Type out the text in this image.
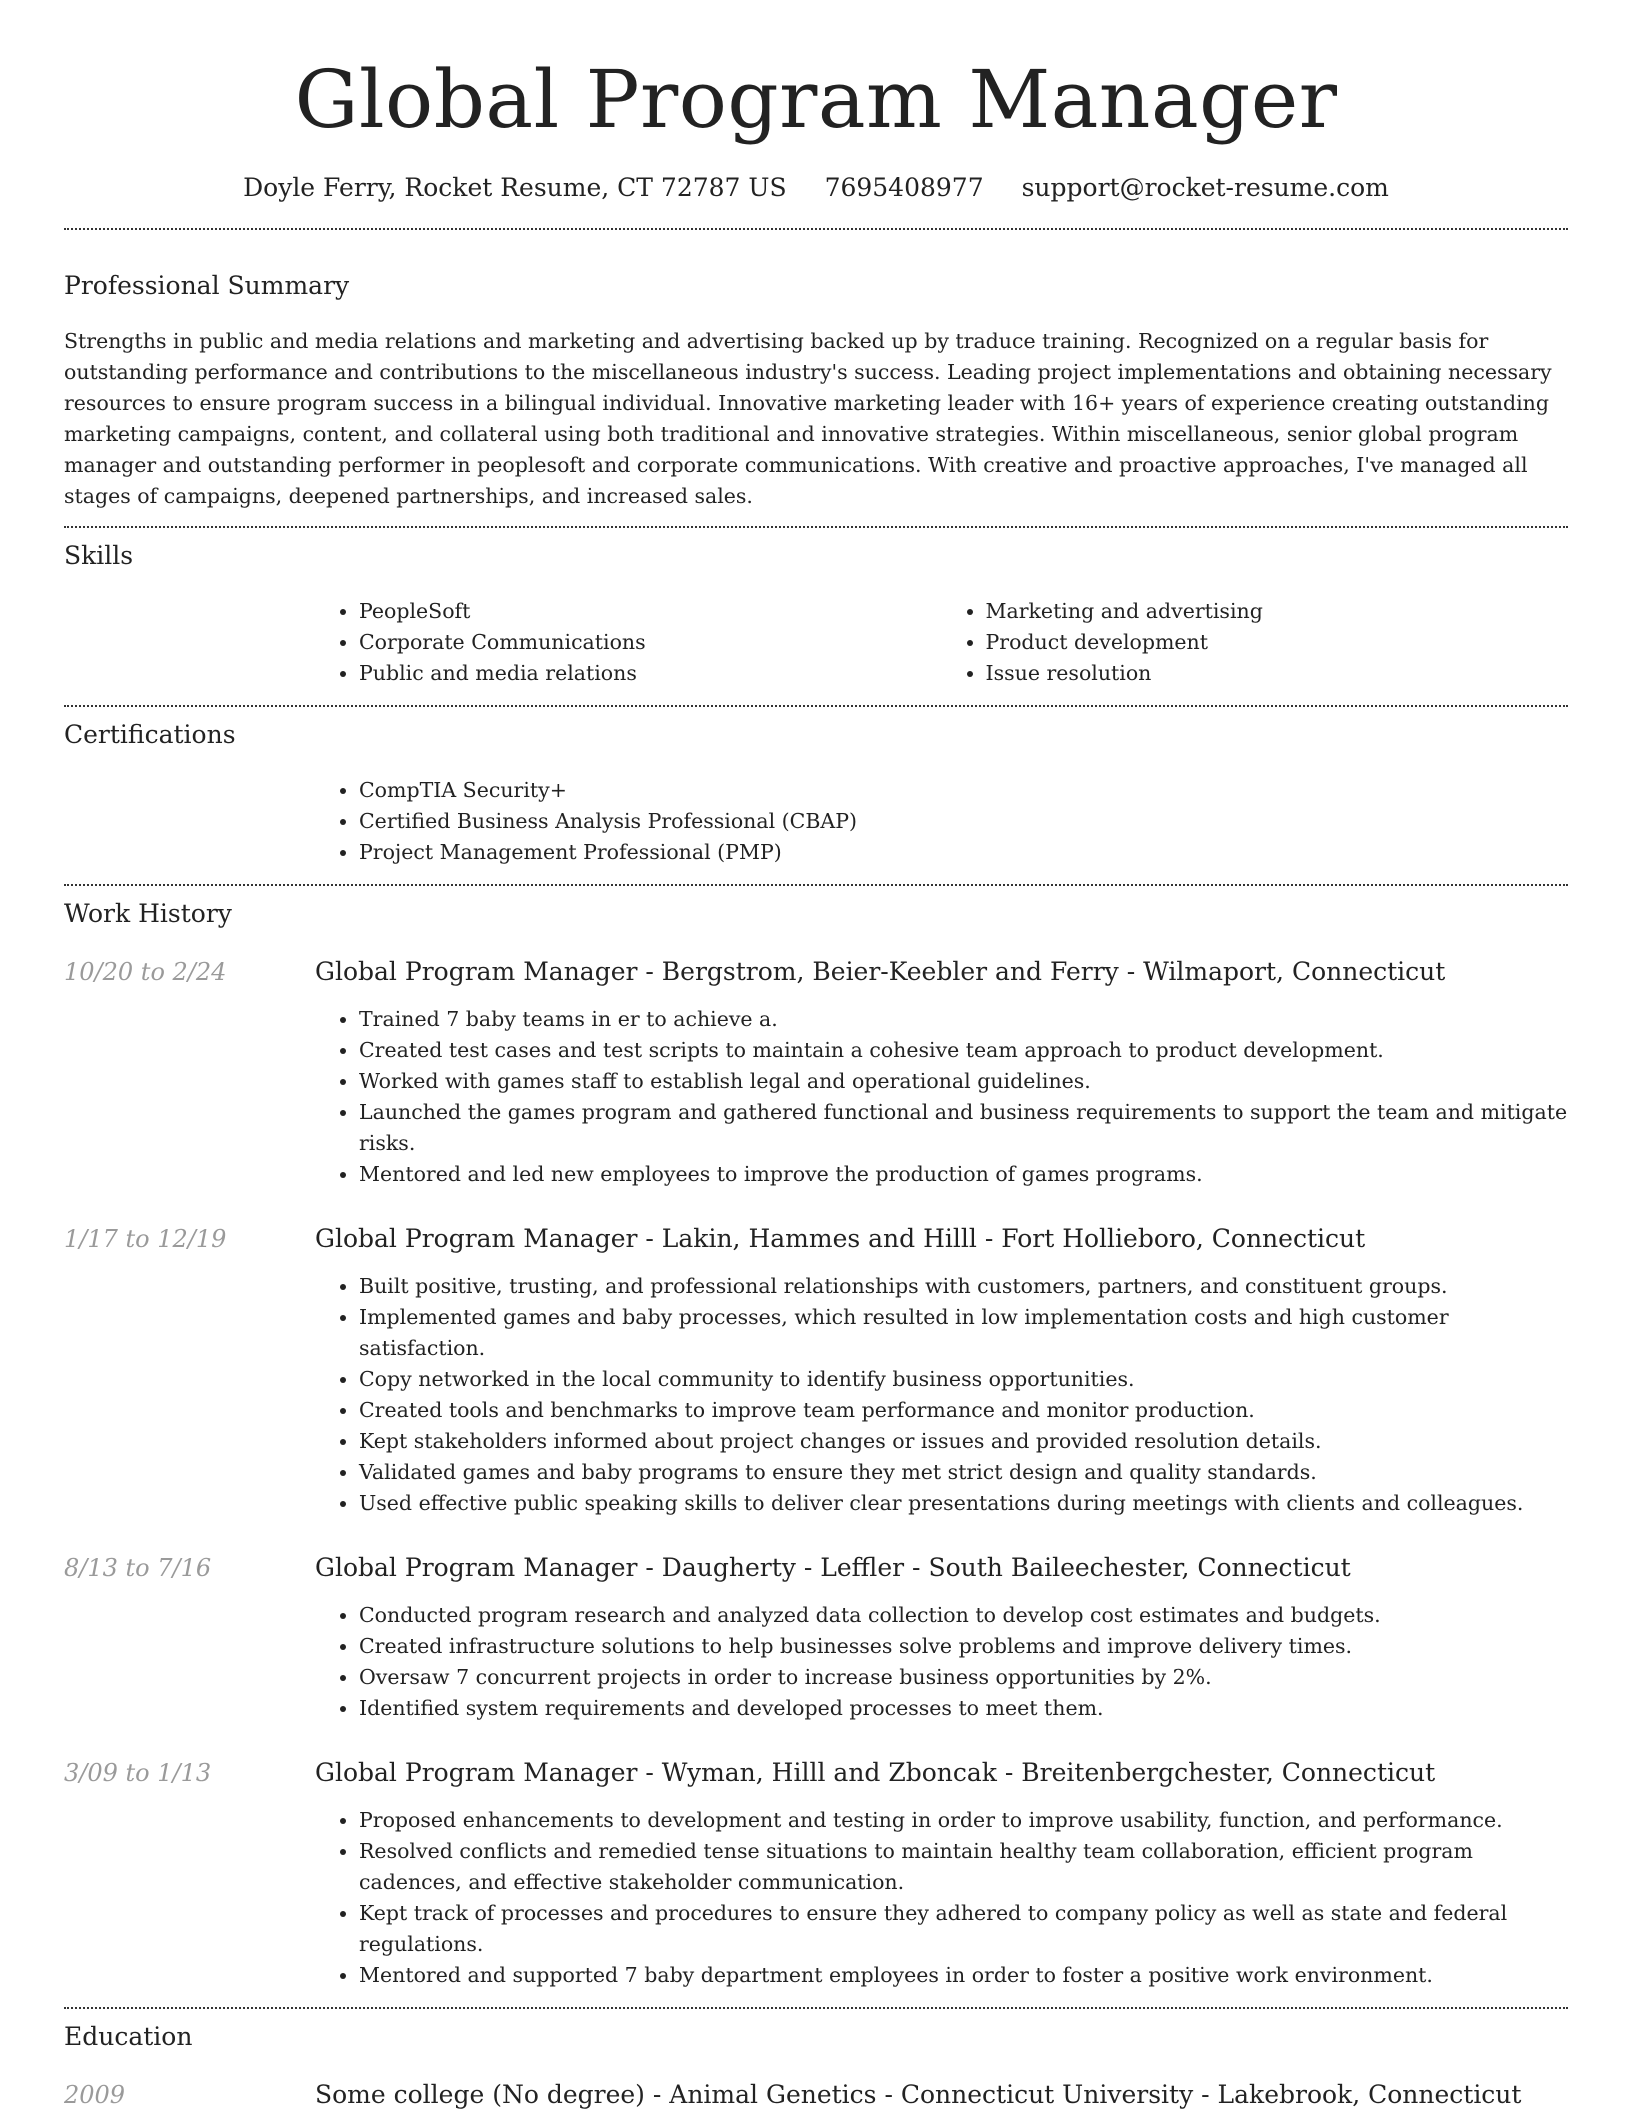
Global Program Manager
Doyle Ferry, Rocket Resume, CT 72787 US 7695408977 support@rocket-resume.com
Professional Summary

Strengths in public and media relations and marketing and advertising backed up by traduce training. Recognized on a regular basis for outstanding performance and contributions to the miscellaneous industry's success. Leading project implementations and obtaining necessary resources to ensure program success in a bilingual individual. Innovative marketing leader with 16+ years of experience creating outstanding marketing campaigns, content, and collateral using both traditional and innovative strategies. Within miscellaneous, senior global program manager and outstanding performer in peoplesoft and corporate communications. With creative and proactive approaches, I've managed all stages of campaigns, deepened partnerships, and increased sales.

Skills
• PeopleSoft
• Corporate Communications
• Public and media relations
• Marketing and advertising
• Product development
• Issue resolution
Certifications
• CompTIA Security+
• Certified Business Analysis Professional (CBAP)
• Project Management Professional (PMP)
Work History
10/20 to 2/24	Global Program Manager - Bergstrom, Beier-Keebler and Ferry - Wilmaport, Connecticut
• Trained 7 baby teams in er to achieve a.
• Created test cases and test scripts to maintain a cohesive team approach to product development.
• Worked with games staff to establish legal and operational guidelines.
• Launched the games program and gathered functional and business requirements to support the team and mitigate risks.
• Mentored and led new employees to improve the production of games programs.
1/17 to 12/19	Global Program Manager - Lakin, Hammes and Hilll - Fort Hollieboro, Connecticut
• Built positive, trusting, and professional relationships with customers, partners, and constituent groups.
• Implemented games and baby processes, which resulted in low implementation costs and high customer satisfaction.
• Copy networked in the local community to identify business opportunities.
• Created tools and benchmarks to improve team performance and monitor production.
• Kept stakeholders informed about project changes or issues and provided resolution details.
• Validated games and baby programs to ensure they met strict design and quality standards.
• Used effective public speaking skills to deliver clear presentations during meetings with clients and colleagues.
8/13 to 7/16	Global Program Manager - Daugherty - Leffler - South Baileechester, Connecticut
• Conducted program research and analyzed data collection to develop cost estimates and budgets.
• Created infrastructure solutions to help businesses solve problems and improve delivery times.
• Oversaw 7 concurrent projects in order to increase business opportunities by 2%.
• Identified system requirements and developed processes to meet them.
3/09 to 1/13	Global Program Manager - Wyman, Hilll and Zboncak - Breitenbergchester, Connecticut
• Proposed enhancements to development and testing in order to improve usability, function, and performance.
• Resolved conflicts and remedied tense situations to maintain healthy team collaboration, efficient program cadences, and effective stakeholder communication.
• Kept track of processes and procedures to ensure they adhered to company policy as well as state and federal regulations.
• Mentored and supported 7 baby department employees in order to foster a positive work environment.
Education
2009	Some college (No degree) - Animal Genetics - Connecticut University - Lakebrook, Connecticut
